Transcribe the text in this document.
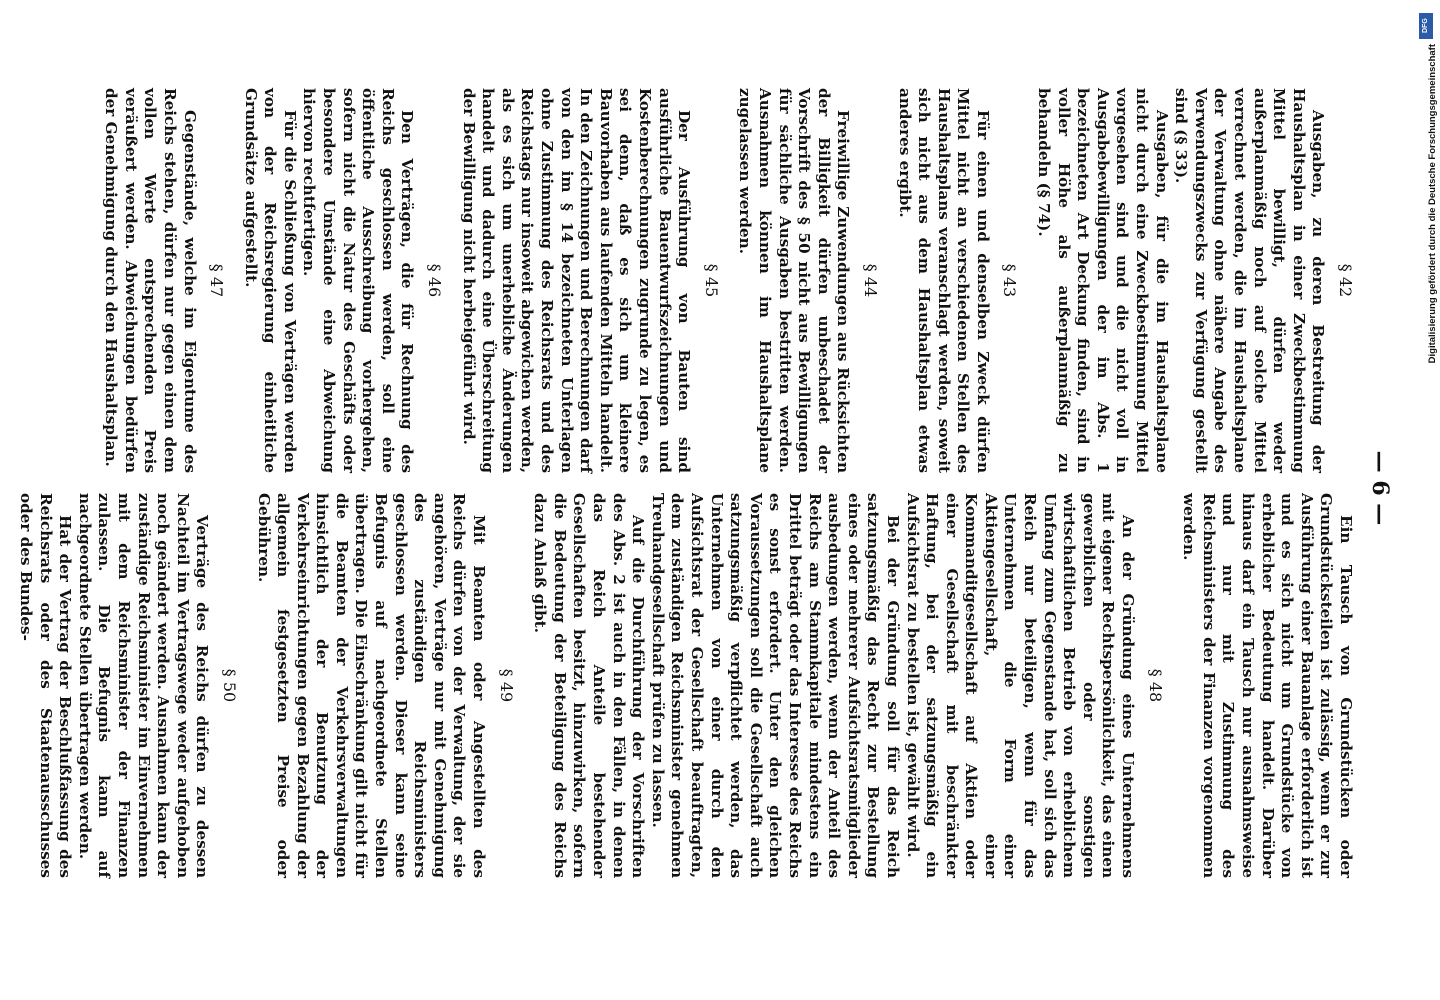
— 6 —
§ 42

Ausgaben, zu deren Bestreitung der Haushaltsplan in einer Zweckbestimmung Mittel bewilligt, dürfen weder außerplanmäßig noch auf solche Mittel verrechnet werden, die im Haushaltsplane der Verwaltung ohne nähere Angabe des Verwendungszwecks zur Verfügung gestellt sind (§ 33).

Ausgaben, für die im Haushaltsplane nicht durch eine Zweckbestimmung Mittel vorgesehen sind und die nicht voll in Ausgabebewilligungen der im Abs. 1 bezeichneten Art Deckung finden, sind in voller Höhe als außerplanmäßig zu behandeln (§ 74).

§ 43

Für einen und denselben Zweck dürfen Mittel nicht an verschiedenen Stellen des Haushaltsplans veranschlagt werden, soweit sich nicht aus dem Haushaltsplan etwas anderes ergibt.

§ 44

Freiwillige Zuwendungen aus Rücksichten der Billigkeit dürfen unbeschadet der Vorschrift des § 50 nicht aus Bewilligungen für sächliche Ausgaben bestritten werden. Ausnahmen können im Haushaltsplane zugelassen werden.

§ 45

Der Ausführung von Bauten sind ausführliche Bauentwurfszeichnungen und Kostenberechnungen zugrunde zu legen, es sei denn, daß es sich um kleinere Bauvorhaben aus laufenden Mitteln handelt. In den Zeichnungen und Berechnungen darf von den im § 14 bezeichneten Unterlagen ohne Zustimmung des Reichsrats und des Reichstags nur insoweit abgewichen werden, als es sich um unerhebliche Änderungen handelt und dadurch eine Überschreitung der Bewilligung nicht herbeigeführt wird.

§ 46

Den Verträgen, die für Rechnung des Reichs geschlossen werden, soll eine öffentliche Ausschreibung vorhergehen, sofern nicht die Natur des Geschäfts oder besondere Umstände eine Abweichung hiervon rechtfertigen.

Für die Schließung von Verträgen werden von der Reichsregierung einheitliche Grundsätze aufgestellt.

§ 47

Gegenstände, welche im Eigentume des Reichs stehen, dürfen nur gegen einen dem vollen Werte entsprechenden Preis veräußert werden. Abweichungen bedürfen der Genehmigung durch den Haushaltsplan.

Ein Tausch von Grundstücken oder Grundstücksteilen ist zulässig, wenn er zur Ausführung einer Bauanlage erforderlich ist und es sich nicht um Grundstücke von erheblicher Bedeutung handelt. Darüber hinaus darf ein Tausch nur ausnahmsweise und nur mit Zustimmung des Reichsministers der Finanzen vorgenommen werden.

§ 48

An der Gründung eines Unternehmens mit eigener Rechtspersönlichkeit, das einen gewerblichen oder sonstigen wirtschaftlichen Betrieb von erheblichem Umfang zum Gegenstande hat, soll sich das Reich nur beteiligen, wenn für das Unternehmen die Form einer Aktiengesellschaft, einer Kommanditgesellschaft auf Aktien oder einer Gesellschaft mit beschränkter Haftung, bei der satzungsmäßig ein Aufsichtsrat zu bestellen ist, gewählt wird.

Bei der Gründung soll für das Reich satzungsmäßig das Recht zur Bestellung eines oder mehrerer Aufsichtsratsmitglieder ausbedungen werden, wenn der Anteil des Reichs am Stammkapitale mindestens ein Drittel beträgt oder das Interesse des Reichs es sonst erfordert. Unter den gleichen Voraussetzungen soll die Gesellschaft auch satzungsmäßig verpflichtet werden, das Unternehmen von einer durch den Aufsichtsrat der Gesellschaft beauftragten, dem zuständigen Reichsminister genehmen Treuhandgesellschaft prüfen zu lassen.

Auf die Durchführung der Vorschriften des Abs. 2 ist auch in den Fällen, in denen das Reich Anteile bestehender Gesellschaften besitzt, hinzuwirken, sofern die Bedeutung der Beteiligung des Reichs dazu Anlaß gibt.

§ 49

Mit Beamten oder Angestellten des Reichs dürfen von der Verwaltung, der sie angehören, Verträge nur mit Genehmigung des zuständigen Reichsministers geschlossen werden. Dieser kann seine Befugnis auf nachgeordnete Stellen übertragen. Die Einschränkung gilt nicht für die Beamten der Verkehrsverwaltungen hinsichtlich der Benutzung der Verkehrseinrichtungen gegen Bezahlung der allgemein festgesetzten Preise oder Gebühren.

§ 50

Verträge des Reichs dürfen zu dessen Nachteil im Vertragswege weder aufgehoben noch geändert werden. Ausnahmen kann der zuständige Reichsminister im Einvernehmen mit dem Reichsminister der Finanzen zulassen. Die Befugnis kann auf nachgeordnete Stellen übertragen werden.

Hat der Vertrag der Beschlußfassung des Reichsrats oder des Staatenausschusses oder des Bundes-

DFG
Digitalisierung gefördert durch die Deutsche Forschungsgemeinschaft
